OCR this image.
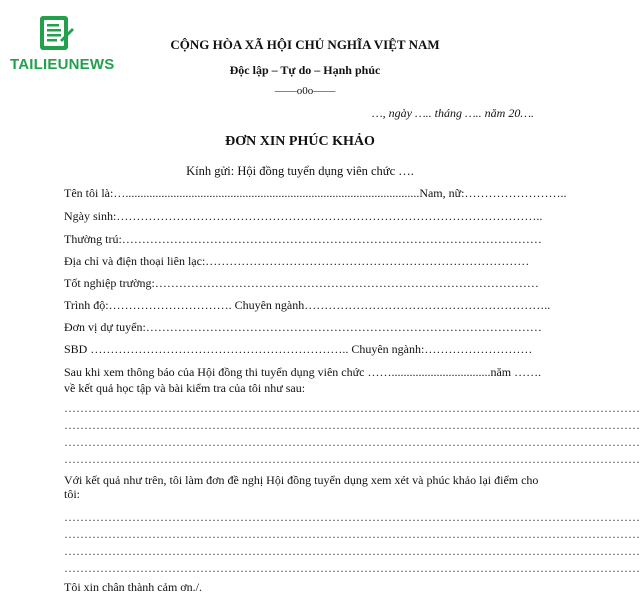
TAILIEUNEWS
CỘNG HÒA XÃ HỘI CHỦ NGHĨA VIỆT NAM
Độc lập – Tự do – Hạnh phúc
——o0o——
…, ngày ….. tháng ….. năm 20….
ĐƠN XIN PHÚC KHẢO
Kính gửi: Hội đồng tuyển dụng viên chức ….
Tên tôi là:…..................................................................................................Nam, nữ:……………………..
Ngày sinh:……………………………………………………………………………………………..
Thường trú:……………………………………………………………………………………………
Địa chỉ và điện thoại liên lạc:………………………………………………………………………
Tốt nghiệp trường:……………………………………………………………………………………
Trình độ:…………………………. Chuyên ngành……………………………………………………..
Đơn vị dự tuyển:………………………………………………………………………………………
SBD ……………………………………………………….. Chuyên ngành:………………………
Sau khi xem thông báo của Hội đồng thi tuyển dụng viên chức …….................................năm …….
về kết quả học tập và bài kiểm tra của tôi như sau:
………………………………………………………………………………………………………………………………
………………………………………………………………………………………………………………………………
………………………………………………………………………………………………………………………………
………………………………………………………………………………………………………………………………
Với kết quả như trên, tôi làm đơn đề nghị Hội đồng tuyển dụng xem xét và phúc khảo lại điểm cho tôi:
………………………………………………………………………………………………………………………………
………………………………………………………………………………………………………………………………
………………………………………………………………………………………………………………………………
………………………………………………………………………………………………………………………………
Tôi xin chân thành cảm ơn./.
